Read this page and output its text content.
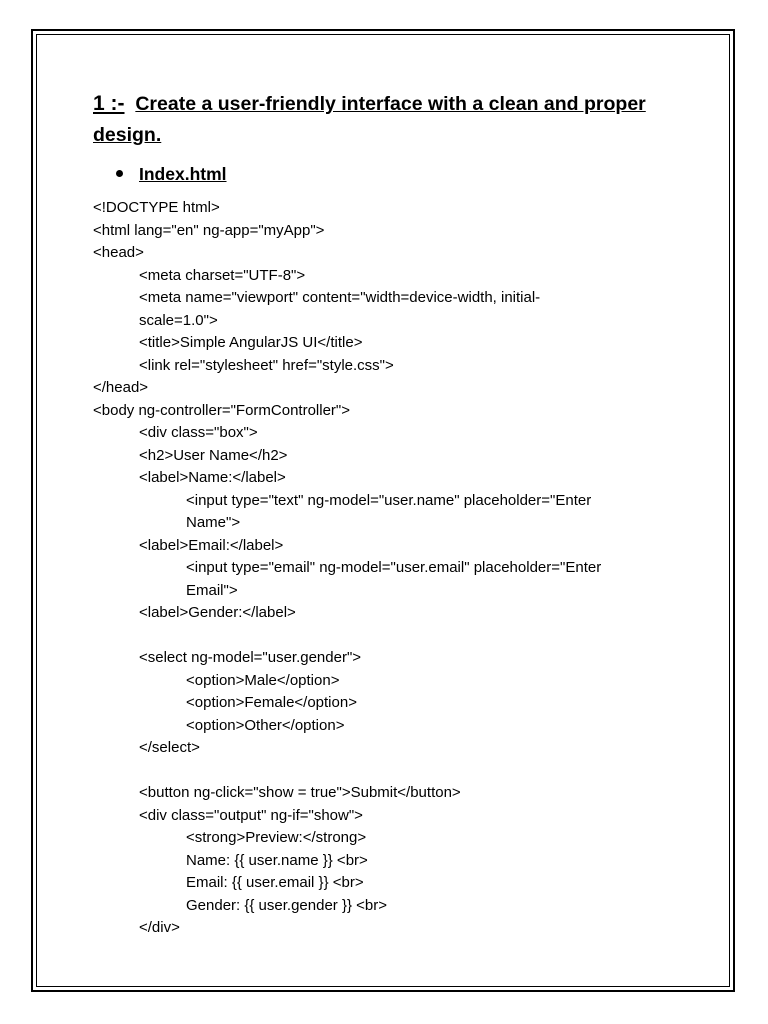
1 :- Create a user-friendly interface with a clean and proper design.
Index.html
<!DOCTYPE html>
<html lang="en" ng-app="myApp">
<head>
<meta charset="UTF-8">
<meta name="viewport" content="width=device-width, initial-
scale=1.0">
<title>Simple AngularJS UI</title>
<link rel="stylesheet" href="style.css">
</head>
<body ng-controller="FormController">
<div class="box">
<h2>User Name</h2>
<label>Name:</label>
<input type="text" ng-model="user.name" placeholder="Enter
Name">
<label>Email:</label>
<input type="email" ng-model="user.email" placeholder="Enter
Email">
<label>Gender:</label>
<select ng-model="user.gender">
<option>Male</option>
<option>Female</option>
<option>Other</option>
</select>
<button ng-click="show = true">Submit</button>
<div class="output" ng-if="show">
<strong>Preview:</strong>
Name: {{ user.name }} <br>
Email: {{ user.email }} <br>
Gender: {{ user.gender }} <br>
</div>
